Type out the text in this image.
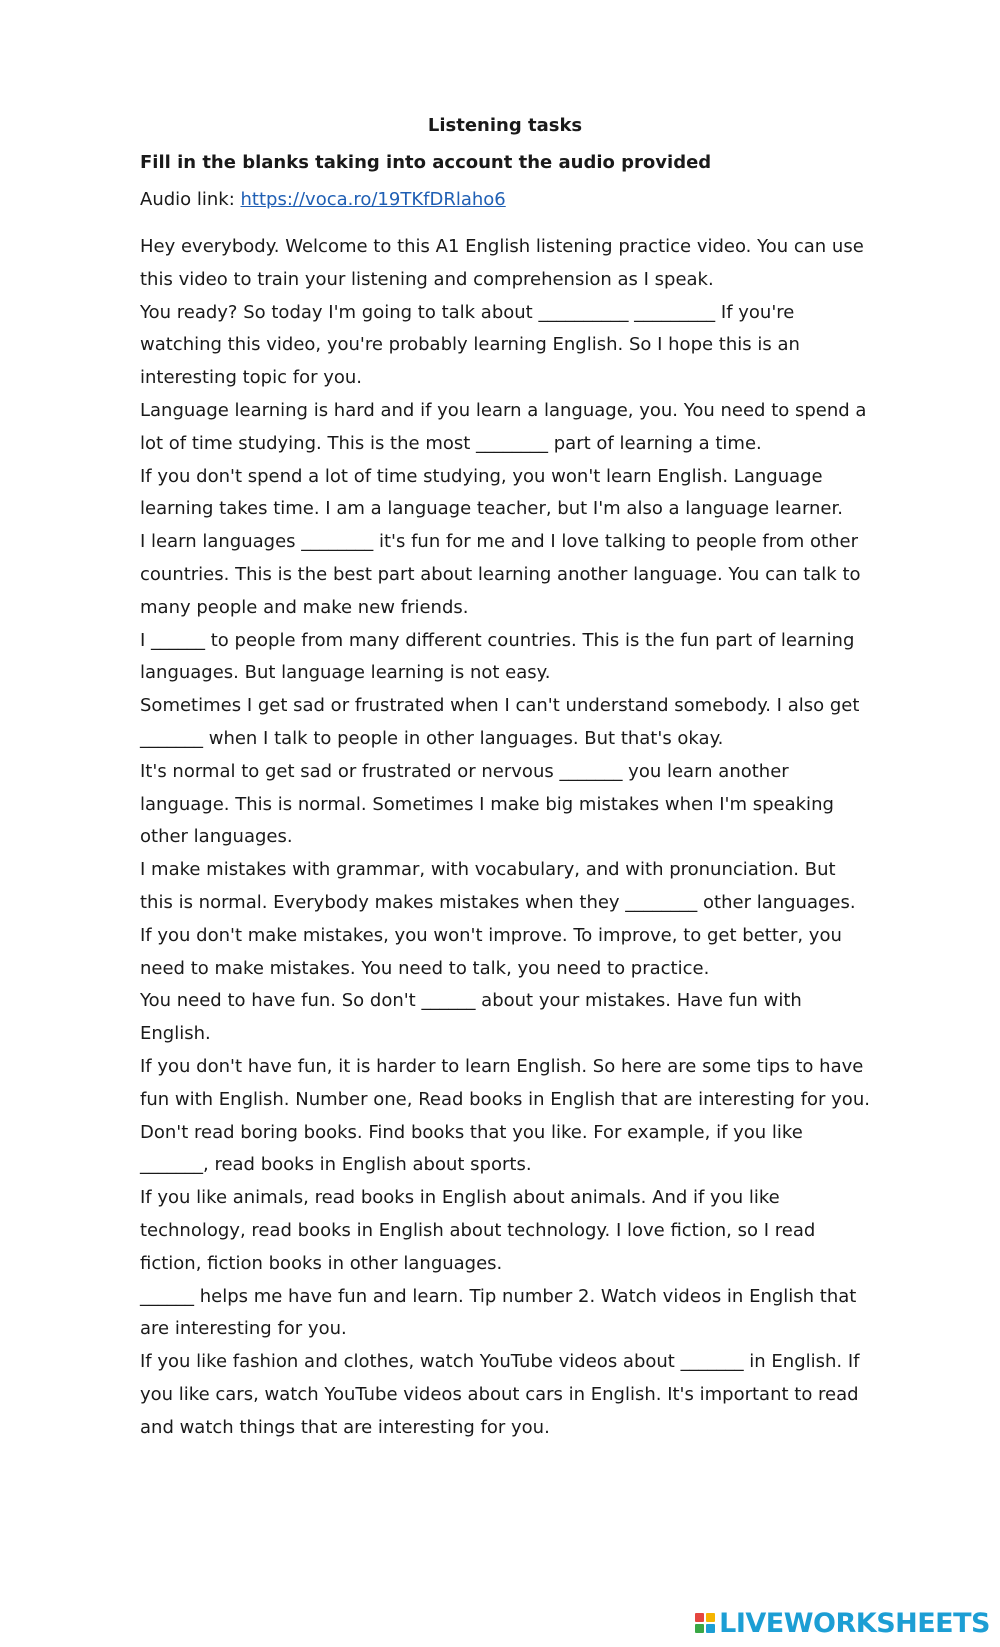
Listening tasks
Fill in the blanks taking into account the audio provided
Audio link: https://voca.ro/19TKfDRlaho6

Hey everybody. Welcome to this A1 English listening practice video. You can use this video to train your listening and comprehension as I speak.

You ready? So today I'm going to talk about __________ _________ If you're watching this video, you're probably learning English. So I hope this is an interesting topic for you.

Language learning is hard and if you learn a language, you. You need to spend a lot of time studying. This is the most ________ part of learning a time.

If you don't spend a lot of time studying, you won't learn English. Language learning takes time. I am a language teacher, but I'm also a language learner.

I learn languages ________ it's fun for me and I love talking to people from other countries. This is the best part about learning another language. You can talk to many people and make new friends.

I ______ to people from many different countries. This is the fun part of learning languages. But language learning is not easy.

Sometimes I get sad or frustrated when I can't understand somebody. I also get _______ when I talk to people in other languages. But that's okay.

It's normal to get sad or frustrated or nervous _______ you learn another language. This is normal. Sometimes I make big mistakes when I'm speaking other languages.

I make mistakes with grammar, with vocabulary, and with pronunciation. But this is normal. Everybody makes mistakes when they ________ other languages.

If you don't make mistakes, you won't improve. To improve, to get better, you need to make mistakes. You need to talk, you need to practice.

You need to have fun. So don't ______ about your mistakes. Have fun with English.

If you don't have fun, it is harder to learn English. So here are some tips to have fun with English. Number one, Read books in English that are interesting for you.

Don't read boring books. Find books that you like. For example, if you like _______, read books in English about sports.

If you like animals, read books in English about animals. And if you like technology, read books in English about technology. I love fiction, so I read fiction, fiction books in other languages.

______ helps me have fun and learn. Tip number 2. Watch videos in English that are interesting for you.

If you like fashion and clothes, watch YouTube videos about _______ in English. If you like cars, watch YouTube videos about cars in English. It's important to read and watch things that are interesting for you.

LIVEWORKSHEETS
